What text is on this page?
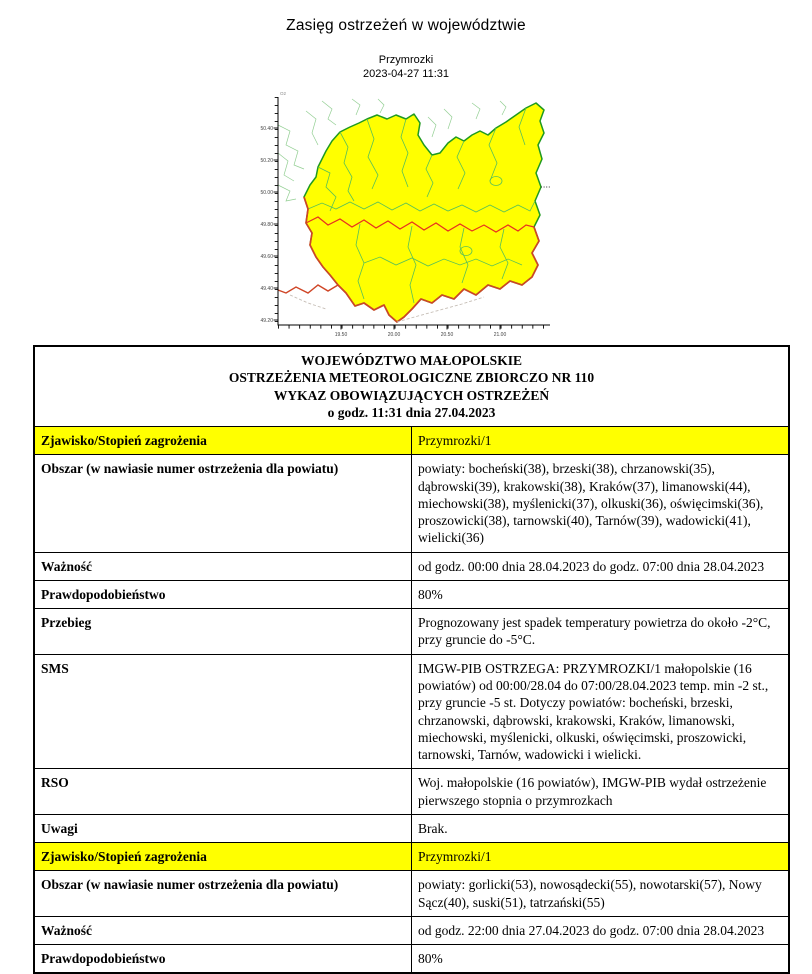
Zasięg ostrzeżeń w województwie
Przymrozki
2023-04-27 11:31
50.40
50.20
50.00
49.80
49.60
49.40
49.20
19.50	20.00	20.50	21.00
O2
WOJEWÓDZTWO MAŁOPOLSKIE
OSTRZEŻENIA METEOROLOGICZNE ZBIORCZO NR 110
WYKAZ OBOWIĄZUJĄCYCH OSTRZEŻEŃ
o godz. 11:31 dnia 27.04.2023	

Zjawisko/Stopień zagrożenia	Przymrozki/1
Obszar (w nawiasie numer ostrzeżenia dla powiatu)	powiaty: bocheński(38), brzeski(38), chrzanowski(35), dąbrowski(39), krakowski(38), Kraków(37), limanowski(44), miechowski(38), myślenicki(37), olkuski(36), oświęcimski(36), proszowicki(38), tarnowski(40), Tarnów(39), wadowicki(41), wielicki(36)
Ważność	od godz. 00:00 dnia 28.04.2023 do godz. 07:00 dnia 28.04.2023
Prawdopodobieństwo	80%
Przebieg	Prognozowany jest spadek temperatury powietrza do około -2°C, przy gruncie do -5°C.
SMS	IMGW-PIB OSTRZEGA: PRZYMROZKI/1 małopolskie (16 powiatów) od 00:00/28.04 do 07:00/28.04.2023 temp. min -2 st., przy gruncie -5 st. Dotyczy powiatów: bocheński, brzeski, chrzanowski, dąbrowski, krakowski, Kraków, limanowski, miechowski, myślenicki, olkuski, oświęcimski, proszowicki, tarnowski, Tarnów, wadowicki i wielicki.
RSO	Woj. małopolskie (16 powiatów), IMGW-PIB wydał ostrzeżenie pierwszego stopnia o przymrozkach
Uwagi	Brak.
Zjawisko/Stopień zagrożenia	Przymrozki/1
Obszar (w nawiasie numer ostrzeżenia dla powiatu)	powiaty: gorlicki(53), nowosądecki(55), nowotarski(57), Nowy Sącz(40), suski(51), tatrzański(55)
Ważność	od godz. 22:00 dnia 27.04.2023 do godz. 07:00 dnia 28.04.2023
Prawdopodobieństwo	80%
